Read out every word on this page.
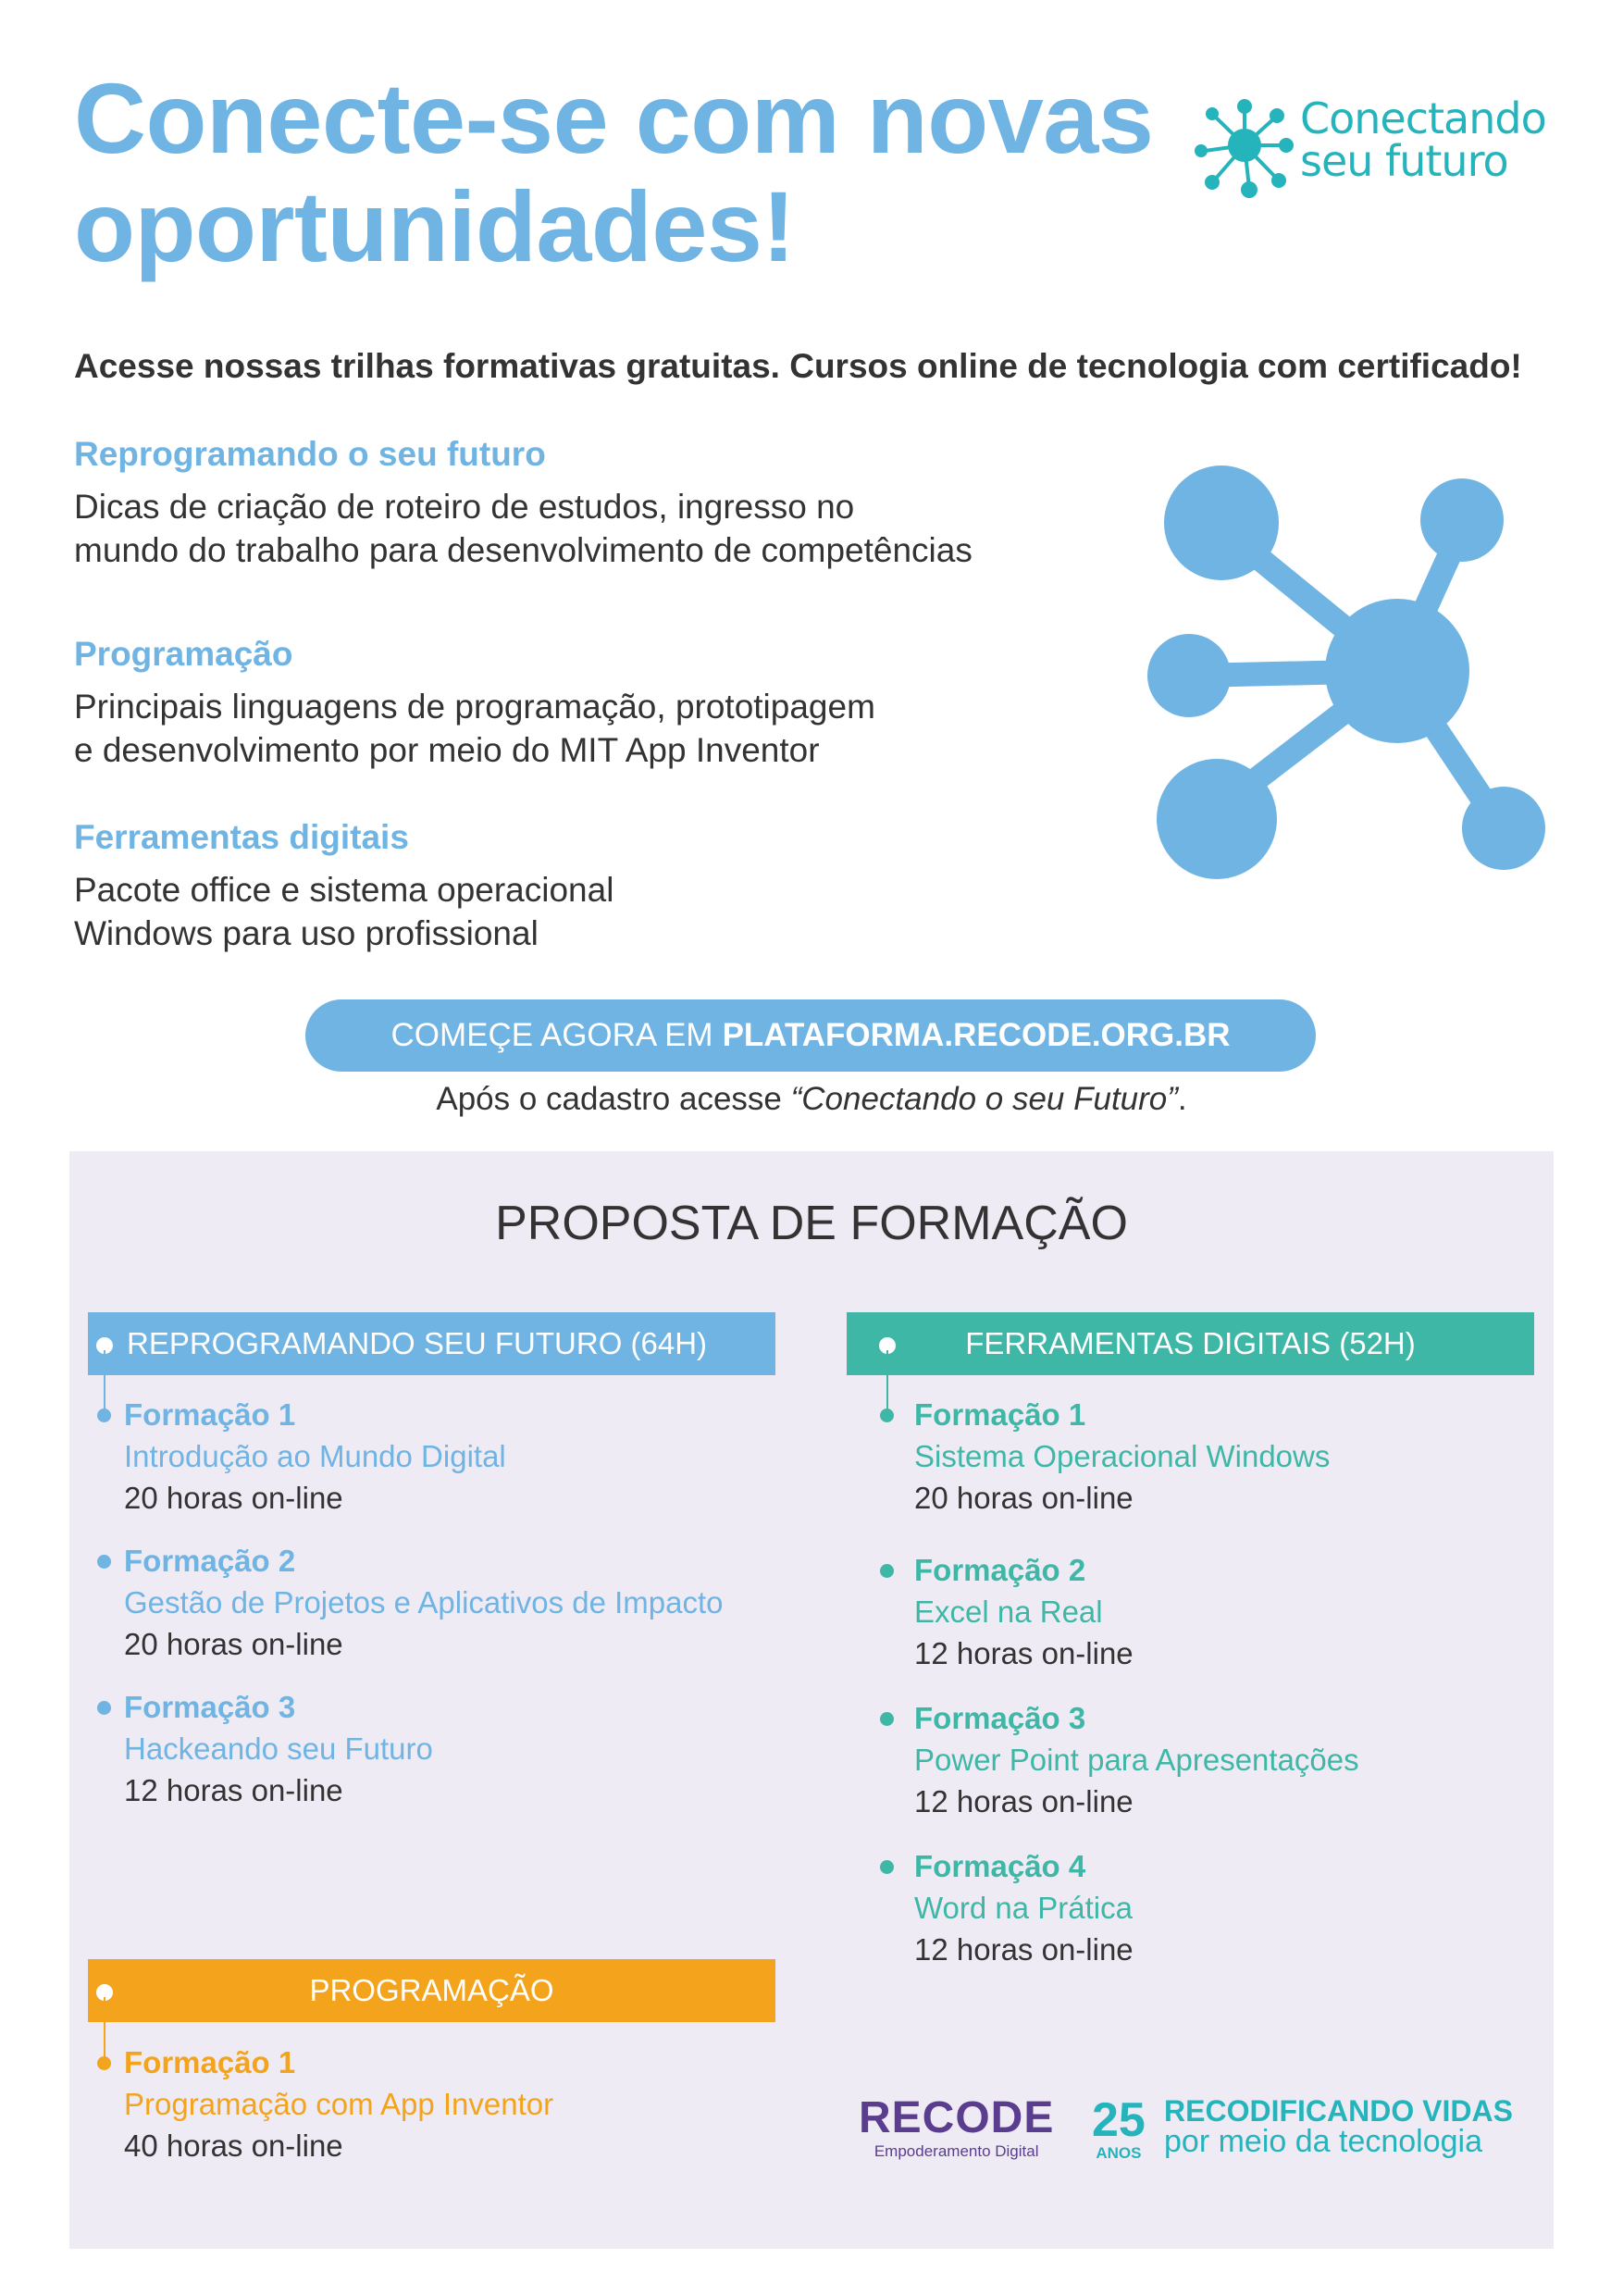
Conecte-se com novas
oportunidades!
Conectando
seu futuro
Acesse nossas trilhas formativas gratuitas. Cursos online de tecnologia com certificado!
Reprogramando o seu futuro
Dicas de criação de roteiro de estudos, ingresso no
mundo do trabalho para desenvolvimento de competências
Programação
Principais linguagens de programação, prototipagem
e desenvolvimento por meio do MIT App Inventor
Ferramentas digitais
Pacote office e sistema operacional
Windows para uso profissional
COMEÇE AGORA EM PLATAFORMA.RECODE.ORG.BR
Após o cadastro acesse “Conectando o seu Futuro”.
PROPOSTA DE FORMAÇÃO
REPROGRAMANDO SEU FUTURO (64H)
Formação 1
Introdução ao Mundo Digital
20 horas on-line
Formação 2
Gestão de Projetos e Aplicativos de Impacto
20 horas on-line
Formação 3
Hackeando seu Futuro
12 horas on-line
FERRAMENTAS DIGITAIS (52H)
Formação 1
Sistema Operacional Windows
20 horas on-line
Formação 2
Excel na Real
12 horas on-line
Formação 3
Power Point para Apresentações
12 horas on-line
Formação 4
Word na Prática
12 horas on-line
PROGRAMAÇÃO
Formação 1
Programação com App Inventor
40 horas on-line
RECODE
Empoderamento Digital
25
ANOS
RECODIFICANDO VIDAS
por meio da tecnologia
